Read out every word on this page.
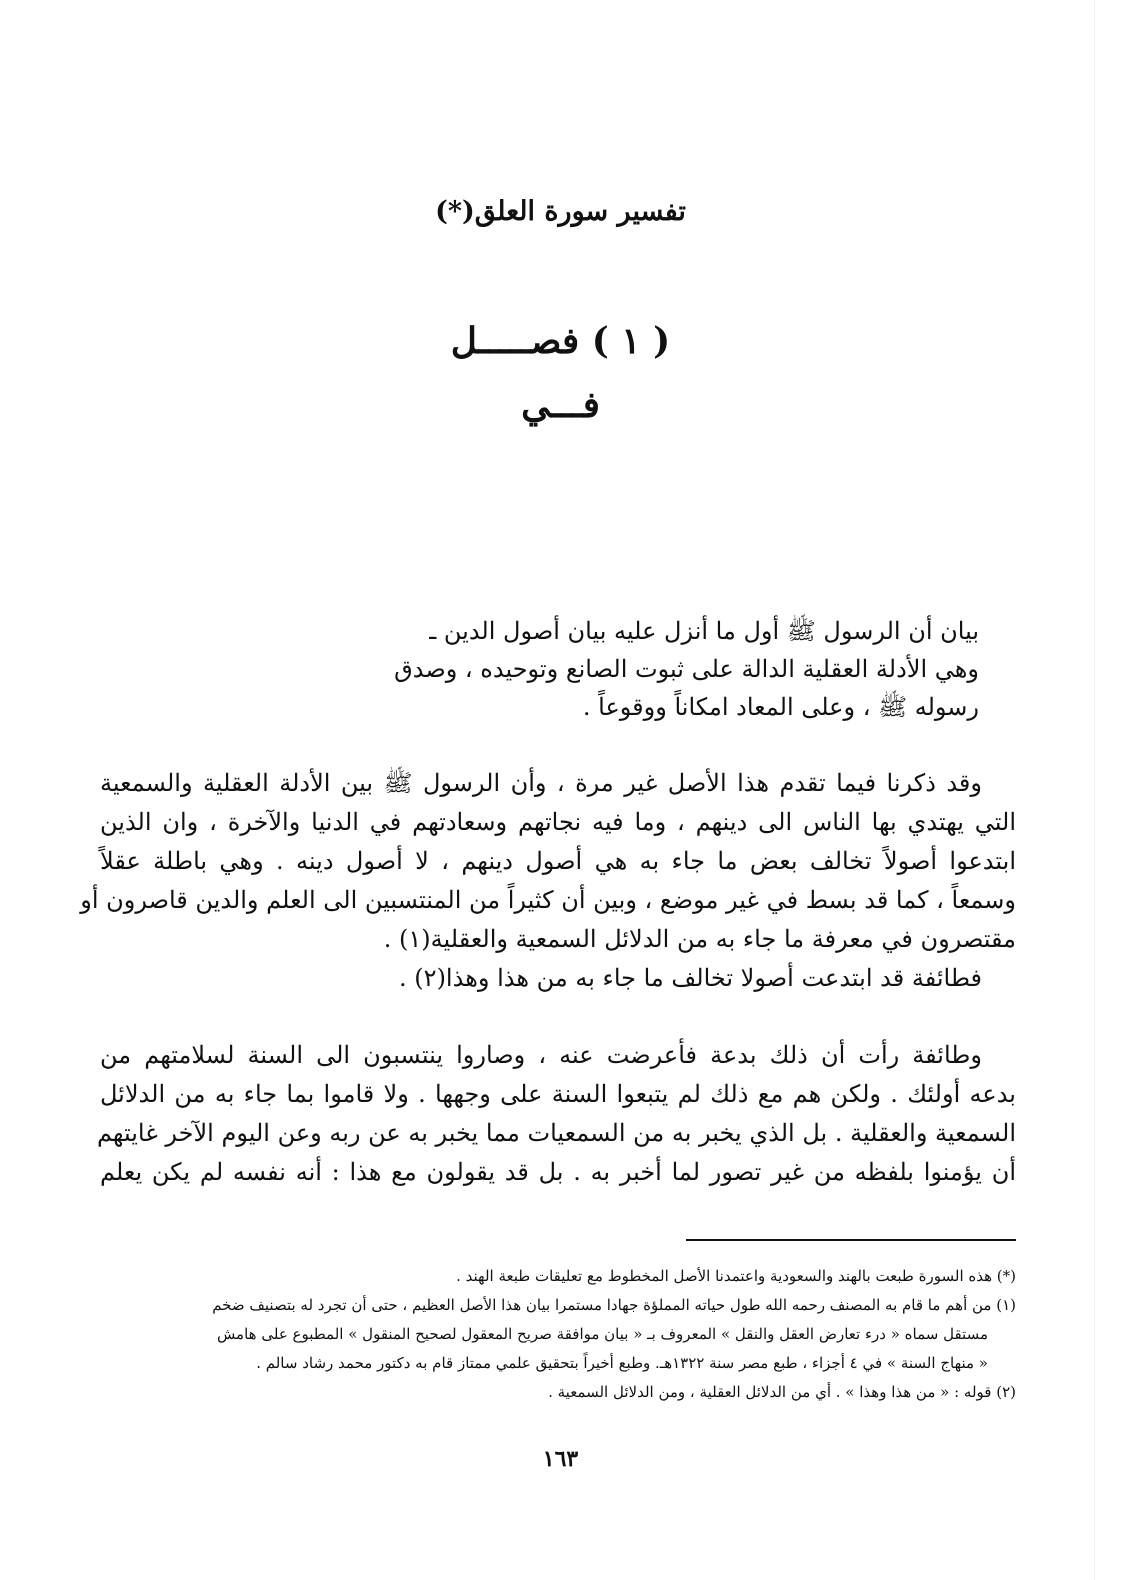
تفسير سورة العلق(*)
( ١ ) فصـــــل
فـــي
بيان أن الرسول ﷺ أول ما أنزل عليه بيان أصول الدين ـ
وهي الأدلة العقلية الدالة على ثبوت الصانع وتوحيده ، وصدق
رسوله ﷺ ، وعلى المعاد امكاناً ووقوعاً .
وقد ذكرنا فيما تقدم هذا الأصل غير مرة ، وأن الرسول ﷺ بين الأدلة العقلية والسمعية
التي يهتدي بها الناس الى دينهم ، وما فيه نجاتهم وسعادتهم في الدنيا والآخرة ، وان الذين
ابتدعوا أصولاً تخالف بعض ما جاء به هي أصول دينهم ، لا أصول دينه . وهي باطلة عقلاً
وسمعاً ، كما قد بسط في غير موضع ، وبين أن كثيراً من المنتسبين الى العلم والدين قاصرون أو
مقتصرون في معرفة ما جاء به من الدلائل السمعية والعقلية(١) .
فطائفة قد ابتدعت أصولا تخالف ما جاء به من هذا وهذا(٢) .
وطائفة رأت أن ذلك بدعة فأعرضت عنه ، وصاروا ينتسبون الى السنة لسلامتهم من
بدعه أولئك . ولكن هم مع ذلك لم يتبعوا السنة على وجهها . ولا قاموا بما جاء به من الدلائل
السمعية والعقلية . بل الذي يخبر به من السمعيات مما يخبر به عن ربه وعن اليوم الآخر غايتهم
أن يؤمنوا بلفظه من غير تصور لما أخبر به . بل قد يقولون مع هذا : أنه نفسه لم يكن يعلم
(*) هذه السورة طبعت بالهند والسعودية واعتمدنا الأصل المخطوط مع تعليقات طبعة الهند .
(١) من أهم ما قام به المصنف رحمه الله طول حياته المملؤة جهادا مستمرا بيان هذا الأصل العظيم ، حتى أن تجرد له بتصنيف ضخم
مستقل سماه « درء تعارض العقل والنقل » المعروف بـ « بيان موافقة صريح المعقول لصحيح المنقول » المطبوع على هامش
« منهاج السنة » في ٤ أجزاء ، طبع مصر سنة ١٣٢٢هـ. وطبع أخيراً بتحقيق علمي ممتاز قام به دكتور محمد رشاد سالم .
(٢) قوله : « من هذا وهذا » . أي من الدلائل العقلية ، ومن الدلائل السمعية .
١٦٣
